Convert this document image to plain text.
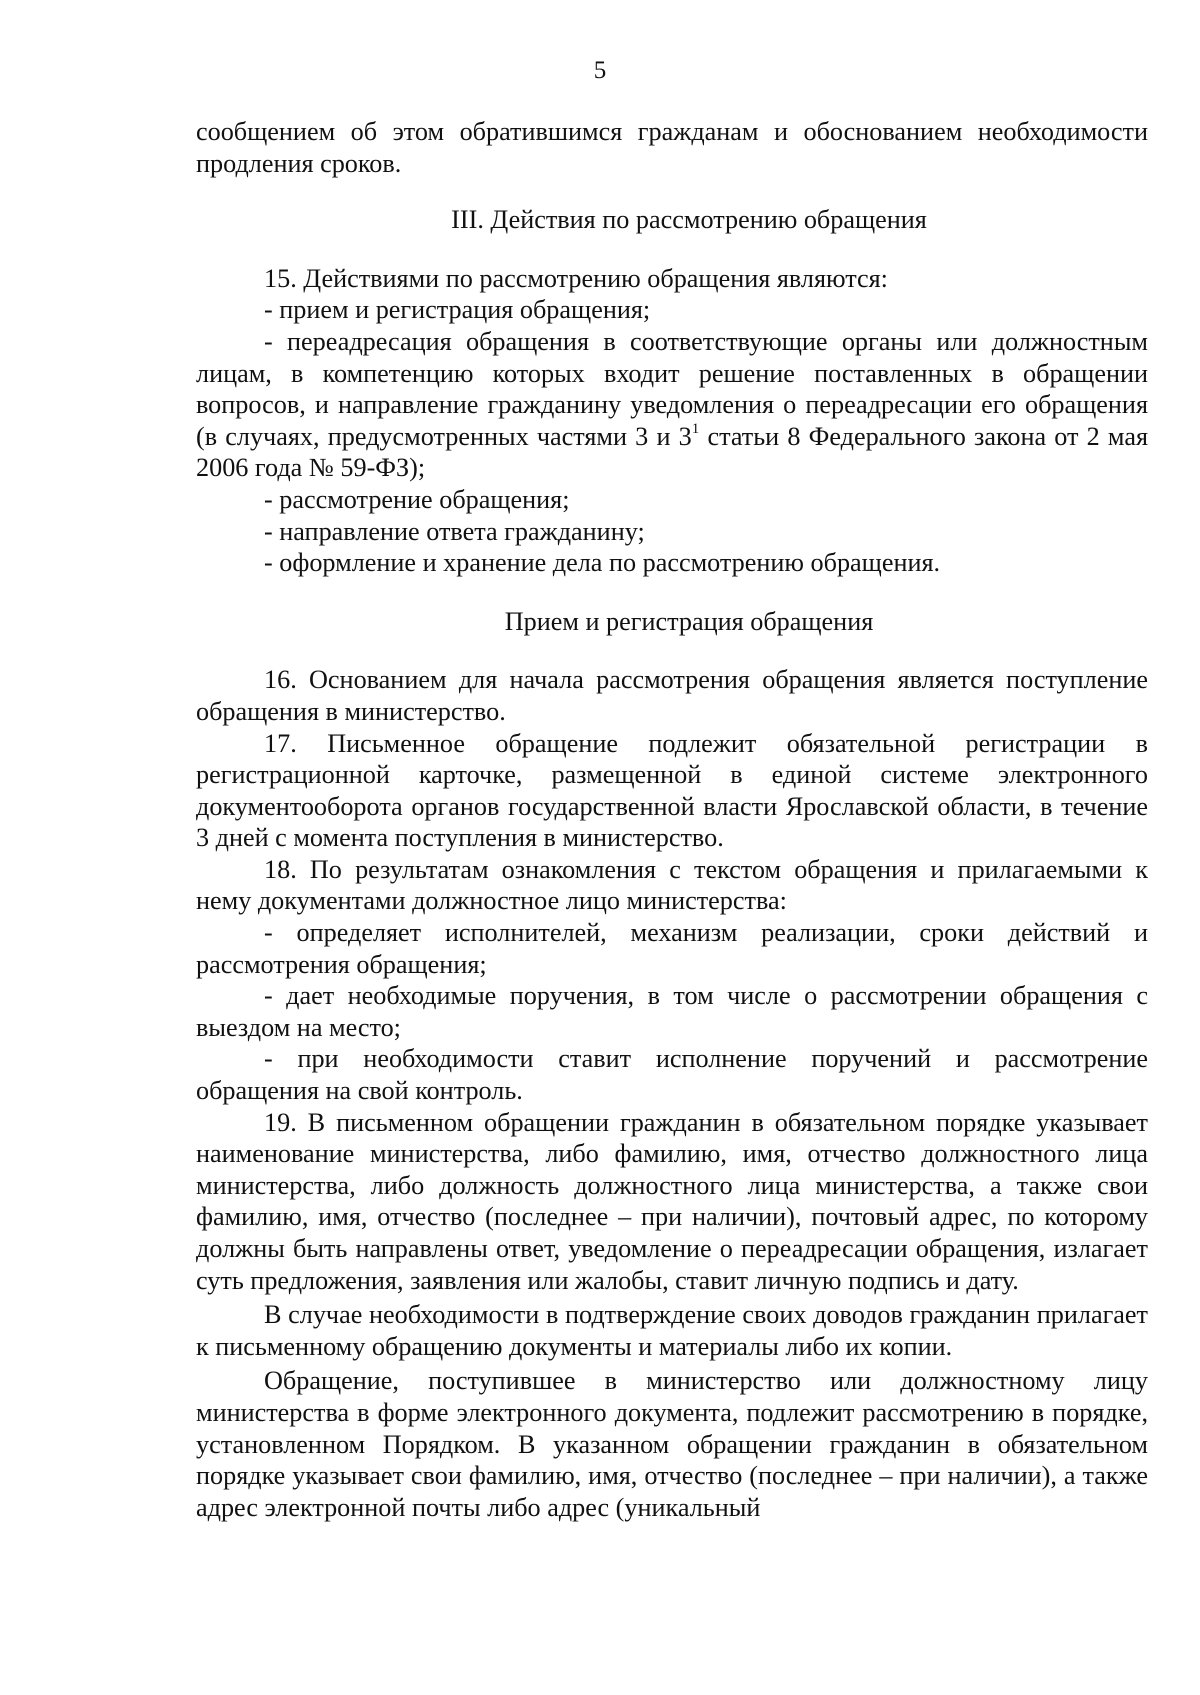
5

сообщением об этом обратившимся гражданам и обоснованием необходимости продления сроков.

III. Действия по рассмотрению обращения

15. Действиями по рассмотрению обращения являются:

- прием и регистрация обращения;

- переадресация обращения в соответствующие органы или должностным лицам, в компетенцию которых входит решение поставленных в обращении вопросов, и направление гражданину уведомления о переадресации его обращения (в случаях, предусмотренных частями 3 и $3^1$ статьи 8 Федерального закона от 2 мая 2006 года № 59-ФЗ);

- рассмотрение обращения;

- направление ответа гражданину;

- оформление и хранение дела по рассмотрению обращения.

Прием и регистрация обращения

16. Основанием для начала рассмотрения обращения является поступление обращения в министерство.

17. Письменное обращение подлежит обязательной регистрации в регистрационной карточке, размещенной в единой системе электронного документооборота органов государственной власти Ярославской области, в течение 3 дней с момента поступления в министерство.

18. По результатам ознакомления с текстом обращения и прилагаемыми к нему документами должностное лицо министерства:

- определяет исполнителей, механизм реализации, сроки действий и рассмотрения обращения;

- дает необходимые поручения, в том числе о рассмотрении обращения с выездом на место;

- при необходимости ставит исполнение поручений и рассмотрение обращения на свой контроль.

19. В письменном обращении гражданин в обязательном порядке указывает наименование министерства, либо фамилию, имя, отчество должностного лица министерства, либо должность должностного лица министерства, а также свои фамилию, имя, отчество (последнее – при наличии), почтовый адрес, по которому должны быть направлены ответ, уведомление о переадресации обращения, излагает суть предложения, заявления или жалобы, ставит личную подпись и дату.

В случае необходимости в подтверждение своих доводов гражданин прилагает к письменному обращению документы и материалы либо их копии.

Обращение, поступившее в министерство или должностному лицу министерства в форме электронного документа, подлежит рассмотрению в порядке, установленном Порядком. В указанном обращении гражданин в обязательном порядке указывает свои фамилию, имя, отчество (последнее – при наличии), а также адрес электронной почты либо адрес (уникальный
